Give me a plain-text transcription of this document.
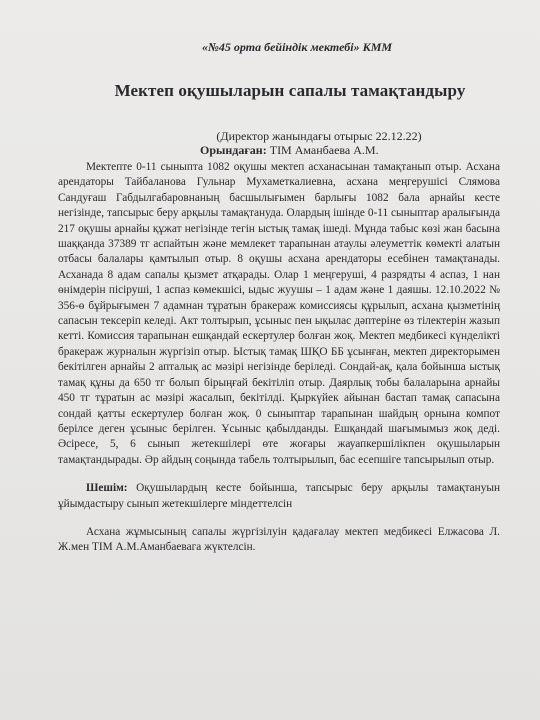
«№45 орта бейіндік мектебі» КММ
Мектеп оқушыларын сапалы тамақтандыру
(Директор жанындағы отырыс 22.12.22)
Орындаған: ТІМ Аманбаева А.М.

Мектепте 0-11 сыныпта 1082 оқушы мектеп асханасынан тамақтанып отыр. Асхана арендаторы Тайбаланова Гульнар Мухаметкалиевна, асхана меңгерушісі Слямова Сандуғаш Габдылгабаровнаның басшылығымен барлығы 1082 бала арнайы кесте негізінде, тапсырыс беру арқылы тамақтануда. Олардың ішінде 0-11 сыныптар аралығында 217 оқушы арнайы құжат негізінде тегін ыстық тамақ ішеді. Мұнда табыс көзі жан басына шаққанда 37389 тг аспайтын және мемлекет тарапынан атаулы әлеуметтік көмекті алатын отбасы балалары қамтылып отыр. 8 оқушы асхана арендаторы есебінен тамақтанады. Асханада 8 адам сапалы қызмет атқарады. Олар 1 меңгеруші, 4 разрядты 4 аспаз, 1 нан өнімдерін пісіруші, 1 аспаз көмекшісі, ыдыс жуушы – 1 адам және 1 даяшы. 12.10.2022 № 356-ө бұйрығымен 7 адамнан тұратын бракераж комиссиясы құрылып, асхана қызметінің сапасын тексеріп келеді. Акт толтырып, ұсыныс пен ықылас дәптеріне өз тілектерін жазып кетті. Комиссия тарапынан ешқандай ескертулер болған жоқ. Мектеп медбикесі күнделікті бракераж журналын жүргізіп отыр. Ыстық тамақ ШҚО ББ ұсынған, мектеп директорымен бекітілген арнайы 2 апталық ас мәзірі негізінде беріледі. Сондай-ақ, қала бойынша ыстық тамақ құны да 650 тг болып бірыңғай бекітіліп отыр. Даярлық тобы балаларына арнайы 450 тг тұратын ас мәзірі жасалып, бекітілді. Қыркүйек айынан бастап тамақ сапасына сондай қатты ескертулер болған жоқ. 0 сыныптар тарапынан шайдың орнына компот берілсе деген ұсыныс берілген. Ұсыныс қабылданды. Ешқандай шағымымыз жоқ деді. Әсіресе, 5, 6 сынып жетекшілері өте жоғары жауапкершілікпен оқушыларын тамақтандырады. Әр айдың соңында табель толтырылып, бас есепшіге тапсырылып отыр.

Шешім: Оқушылардың кесте бойынша, тапсырыс беру арқылы тамақтануын ұйымдастыру сынып жетекшілерге міндеттелсін

Асхана жұмысының сапалы жүргізілуін қадағалау мектеп медбикесі Елжасова Л. Ж.мен ТІМ А.М.Аманбаевага жүктелсін.
